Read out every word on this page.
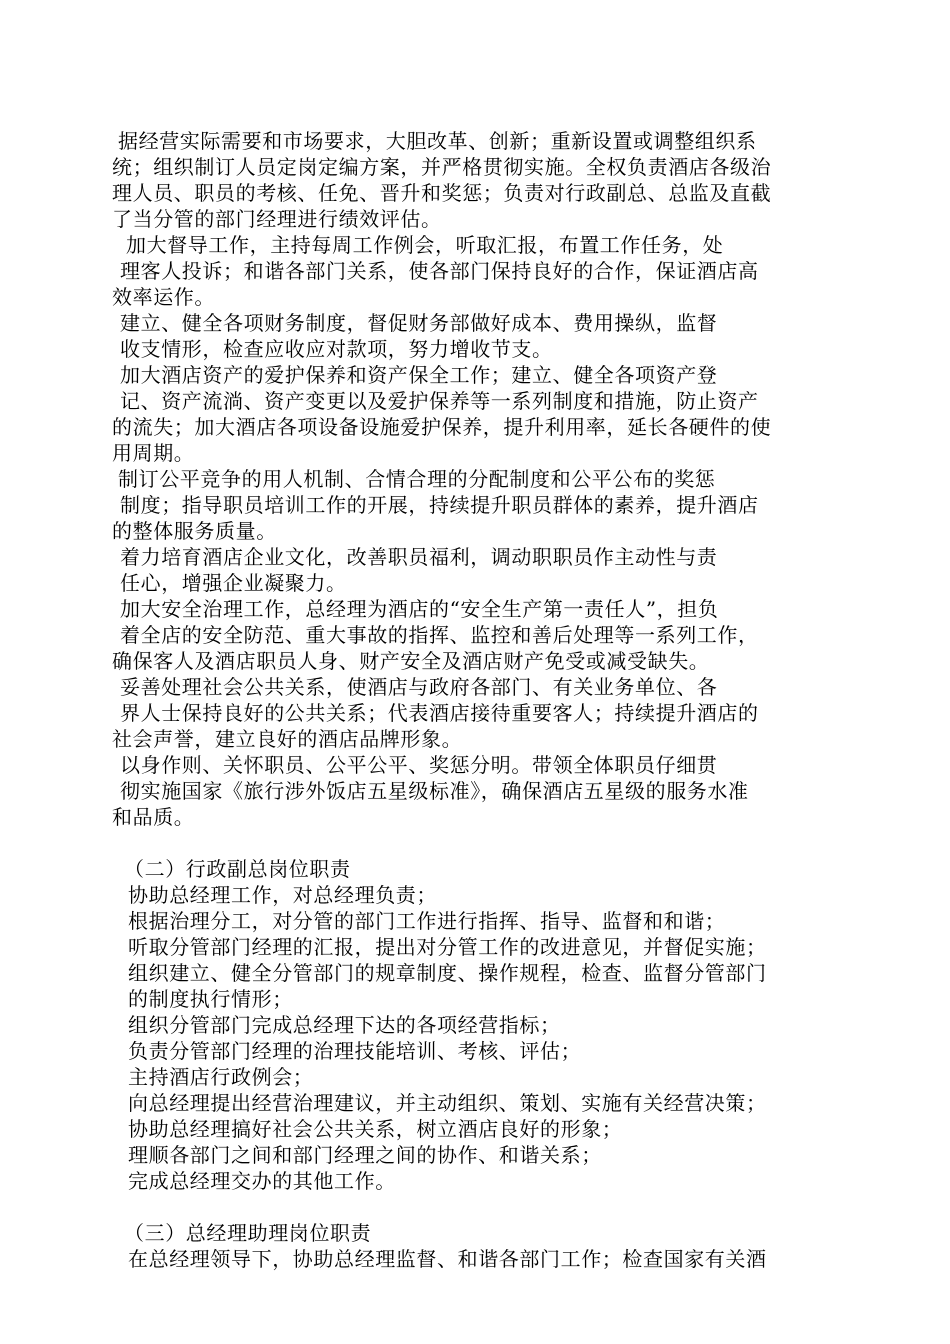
据经营实际需要和市场要求，大胆改革、创新；重新设置或调整组织系
统；组织制订人员定岗定编方案，并严格贯彻实施。全权负责酒店各级治
理人员、职员的考核、任免、晋升和奖惩；负责对行政副总、总监及直截
了当分管的部门经理进行绩效评估。
加大督导工作，主持每周工作例会，听取汇报，布置工作任务，处
理客人投诉；和谐各部门关系，使各部门保持良好的合作，保证酒店高
效率运作。
建立、健全各项财务制度，督促财务部做好成本、费用操纵，监督
收支情形，检查应收应对款项，努力增收节支。
加大酒店资产的爱护保养和资产保全工作；建立、健全各项资产登
记、资产流淌、资产变更以及爱护保养等一系列制度和措施，防止资产
的流失；加大酒店各项设备设施爱护保养，提升利用率，延长各硬件的使
用周期。
制订公平竞争的用人机制、合情合理的分配制度和公平公布的奖惩
制度；指导职员培训工作的开展，持续提升职员群体的素养，提升酒店
的整体服务质量。
着力培育酒店企业文化，改善职员福利，调动职职员作主动性与责
任心，增强企业凝聚力。
加大安全治理工作，总经理为酒店的“安全生产第一责任人”，担负
着全店的安全防范、重大事故的指挥、监控和善后处理等一系列工作，
确保客人及酒店职员人身、财产安全及酒店财产免受或减受缺失。
妥善处理社会公共关系，使酒店与政府各部门、有关业务单位、各
界人士保持良好的公共关系；代表酒店接待重要客人；持续提升酒店的
社会声誉，建立良好的酒店品牌形象。
以身作则、关怀职员、公平公平、奖惩分明。带领全体职员仔细贯
彻实施国家《旅行涉外饭店五星级标准》，确保酒店五星级的服务水准
和品质。
（二）行政副总岗位职责
协助总经理工作，对总经理负责；
根据治理分工，对分管的部门工作进行指挥、指导、监督和和谐；
听取分管部门经理的汇报，提出对分管工作的改进意见，并督促实施；
组织建立、健全分管部门的规章制度、操作规程，检查、监督分管部门
的制度执行情形；
组织分管部门完成总经理下达的各项经营指标；
负责分管部门经理的治理技能培训、考核、评估；
主持酒店行政例会；
向总经理提出经营治理建议，并主动组织、策划、实施有关经营决策；
协助总经理搞好社会公共关系，树立酒店良好的形象；
理顺各部门之间和部门经理之间的协作、和谐关系；
完成总经理交办的其他工作。
（三）总经理助理岗位职责
在总经理领导下，协助总经理监督、和谐各部门工作；检查国家有关酒
